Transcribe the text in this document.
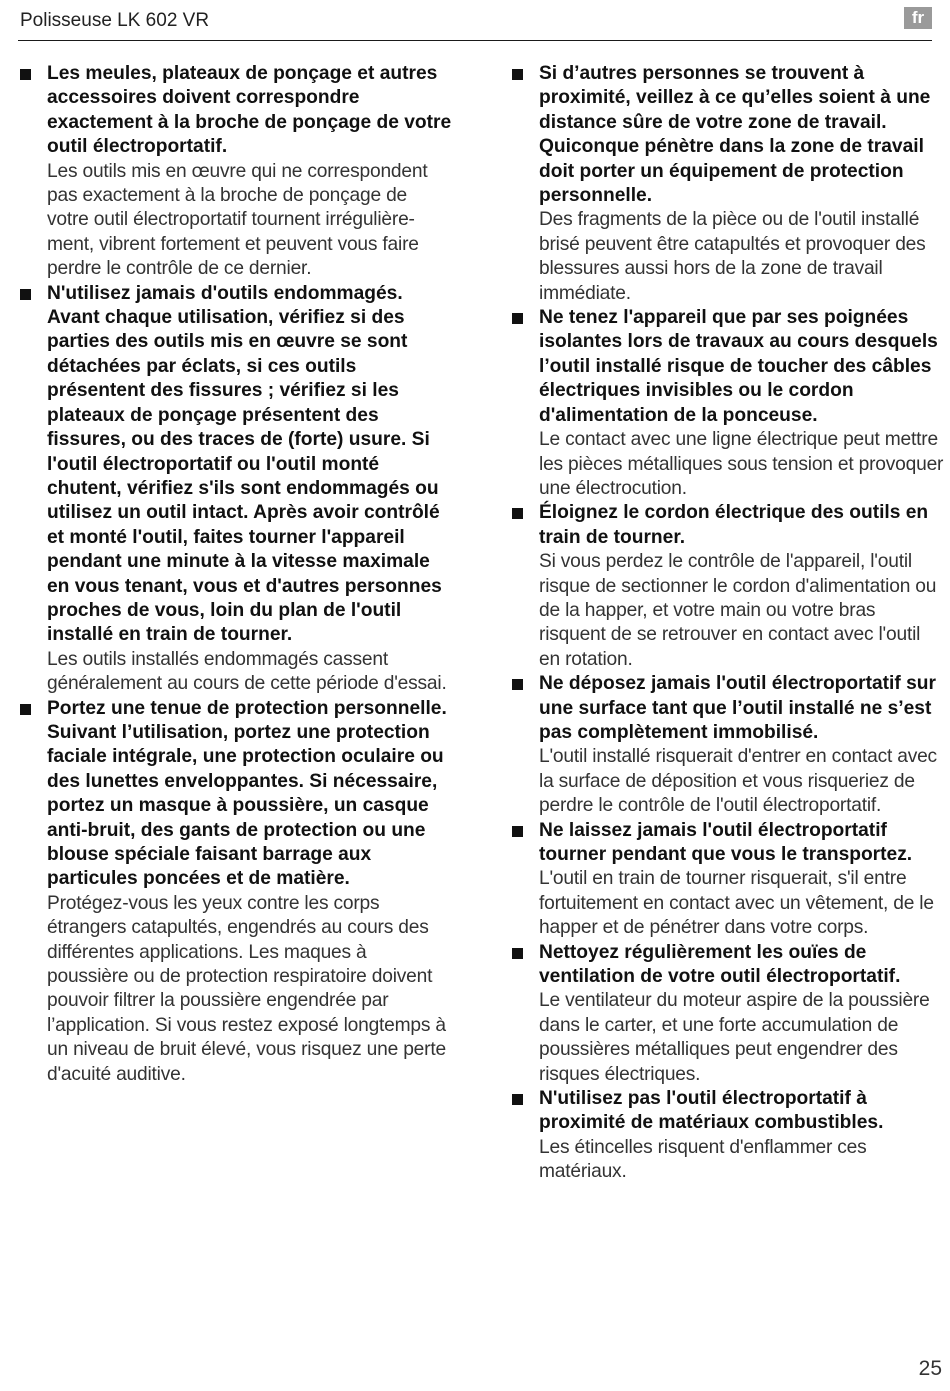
Polisseuse LK 602 VR	fr
Les meules, plateaux de ponçage et autres accessoires doivent correspondre exactement à la broche de ponçage de votre outil électroportatif.
Les outils mis en œuvre qui ne correspondent pas exactement à la broche de ponçage de votre outil électroportatif tournent irrégulière-ment, vibrent fortement et peuvent vous faire perdre le contrôle de ce dernier.
N'utilisez jamais d'outils endommagés. Avant chaque utilisation, vérifiez si des parties des outils mis en œuvre se sont détachées par éclats, si ces outils présentent des fissures ; vérifiez si les plateaux de ponçage présentent des fissures, ou des traces de (forte) usure. Si l'outil électroportatif ou l'outil monté chutent, vérifiez s'ils sont endommagés ou utilisez un outil intact. Après avoir contrôlé et monté l'outil, faites tourner l'appareil pendant une minute à la vitesse maximale en vous tenant, vous et d'autres personnes proches de vous, loin du plan de l'outil installé en train de tourner.
Les outils installés endommagés cassent généralement au cours de cette période d'essai.
Portez une tenue de protection personnelle. Suivant l’utilisation, portez une protection faciale intégrale, une protection oculaire ou des lunettes enveloppantes. Si nécessaire, portez un masque à poussière, un casque anti-bruit, des gants de protection ou une blouse spéciale faisant barrage aux particules poncées et de matière.
Protégez-vous les yeux contre les corps étrangers catapultés, engendrés au cours des différentes applications. Les maques à poussière ou de protection respiratoire doivent pouvoir filtrer la poussière engendrée par l’application. Si vous restez exposé longtemps à un niveau de bruit élevé, vous risquez une perte d'acuité auditive.
Si d’autres personnes se trouvent à proximité, veillez à ce qu’elles soient à une distance sûre de votre zone de travail. Quiconque pénètre dans la zone de travail doit porter un équipement de protection personnelle.
Des fragments de la pièce ou de l'outil installé brisé peuvent être catapultés et provoquer des blessures aussi hors de la zone de travail immédiate.
Ne tenez l'appareil que par ses poignées isolantes lors de travaux au cours desquels l’outil installé risque de toucher des câbles électriques invisibles ou le cordon d'alimentation de la ponceuse.
Le contact avec une ligne électrique peut mettre les pièces métalliques sous tension et provoquer une électrocution.
Éloignez le cordon électrique des outils en train de tourner.
Si vous perdez le contrôle de l'appareil, l'outil risque de sectionner le cordon d'alimentation ou de la happer, et votre main ou votre bras risquent de se retrouver en contact avec l'outil en rotation.
Ne déposez jamais l'outil électroportatif sur une surface tant que l’outil installé ne s’est pas complètement immobilisé.
L'outil installé risquerait d'entrer en contact avec la surface de déposition et vous risqueriez de perdre le contrôle de l'outil électroportatif.
Ne laissez jamais l'outil électroportatif tourner pendant que vous le transportez.
L'outil en train de tourner risquerait, s'il entre fortuitement en contact avec un vêtement, de le happer et de pénétrer dans votre corps.
Nettoyez régulièrement les ouïes de ventilation de votre outil électroportatif.
Le ventilateur du moteur aspire de la poussière dans le carter, et une forte accumulation de poussières métalliques peut engendrer des risques électriques.
N'utilisez pas l'outil électroportatif à proximité de matériaux combustibles.
Les étincelles risquent d'enflammer ces matériaux.
25
